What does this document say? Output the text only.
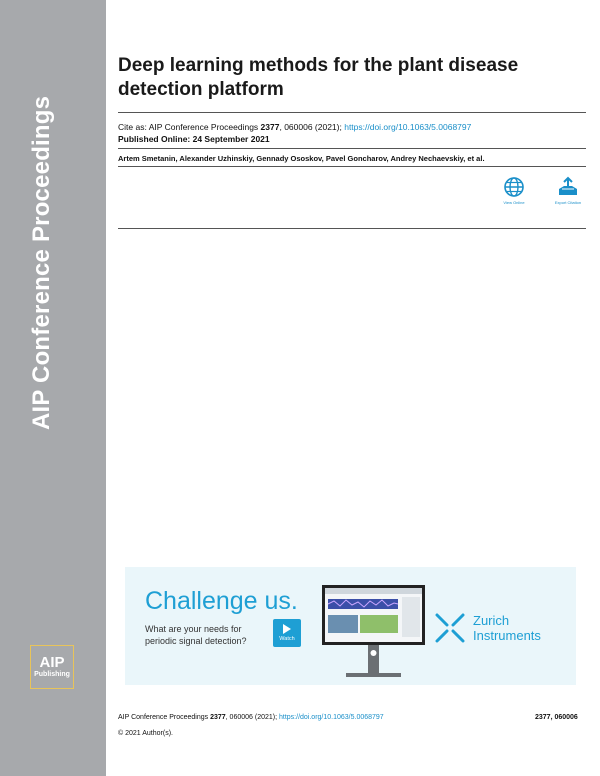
AIP Conference Proceedings
AIP
Publishing
Deep learning methods for the plant disease detection platform
Cite as: AIP Conference Proceedings 2377, 060006 (2021); https://doi.org/10.1063/5.0068797
Published Online: 24 September 2021
Artem Smetanin, Alexander Uzhinskiy, Gennady Ososkov, Pavel Goncharov, Andrey Nechaevskiy, et al.
View Online	Export Citation
Challenge us.
What are your needs for
periodic signal detection?	Watch
Zurich
Instruments
AIP Conference Proceedings 2377, 060006 (2021); https://doi.org/10.1063/5.0068797	2377, 060006
© 2021 Author(s).
